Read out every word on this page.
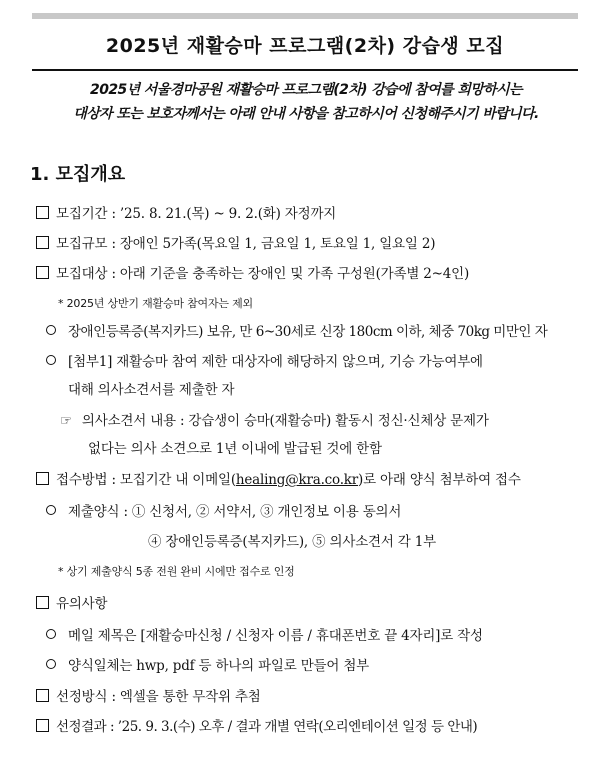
2025년 재활승마 프로그램(2차) 강습생 모집
2025년 서울경마공원 재활승마 프로그램(2차) 강습에 참여를 희망하시는
대상자 또는 보호자께서는 아래 안내 사항을 참고하시어 신청해주시기 바랍니다.
1. 모집개요
모집기간 : ’25. 8. 21.(목) ~ 9. 2.(화) 자정까지
모집규모 : 장애인 5가족(목요일 1, 금요일 1, 토요일 1, 일요일 2)
모집대상 : 아래 기준을 충족하는 장애인 및 가족 구성원(가족별 2~4인)
* 2025년 상반기 재활승마 참여자는 제외
장애인등록증(복지카드) 보유, 만 6~30세로 신장 180cm 이하, 체중 70kg 미만인 자
[첨부1] 재활승마 참여 제한 대상자에 해당하지 않으며, 기승 가능여부에
대해 의사소견서를 제출한 자
☞ 의사소견서 내용 : 강습생이 승마(재활승마) 활동시 정신·신체상 문제가
없다는 의사 소견으로 1년 이내에 발급된 것에 한함
접수방법 : 모집기간 내 이메일(healing@kra.co.kr)로 아래 양식 첨부하여 접수
제출양식 : ① 신청서, ② 서약서, ③ 개인정보 이용 동의서
④ 장애인등록증(복지카드), ⑤ 의사소견서 각 1부
* 상기 제출양식 5종 전원 완비 시에만 접수로 인정
유의사항
메일 제목은 [재활승마신청 / 신청자 이름 / 휴대폰번호 끝 4자리]로 작성
양식일체는 hwp, pdf 등 하나의 파일로 만들어 첨부
선정방식 : 엑셀을 통한 무작위 추첨
선정결과 : ’25. 9. 3.(수) 오후 / 결과 개별 연락(오리엔테이션 일정 등 안내)
